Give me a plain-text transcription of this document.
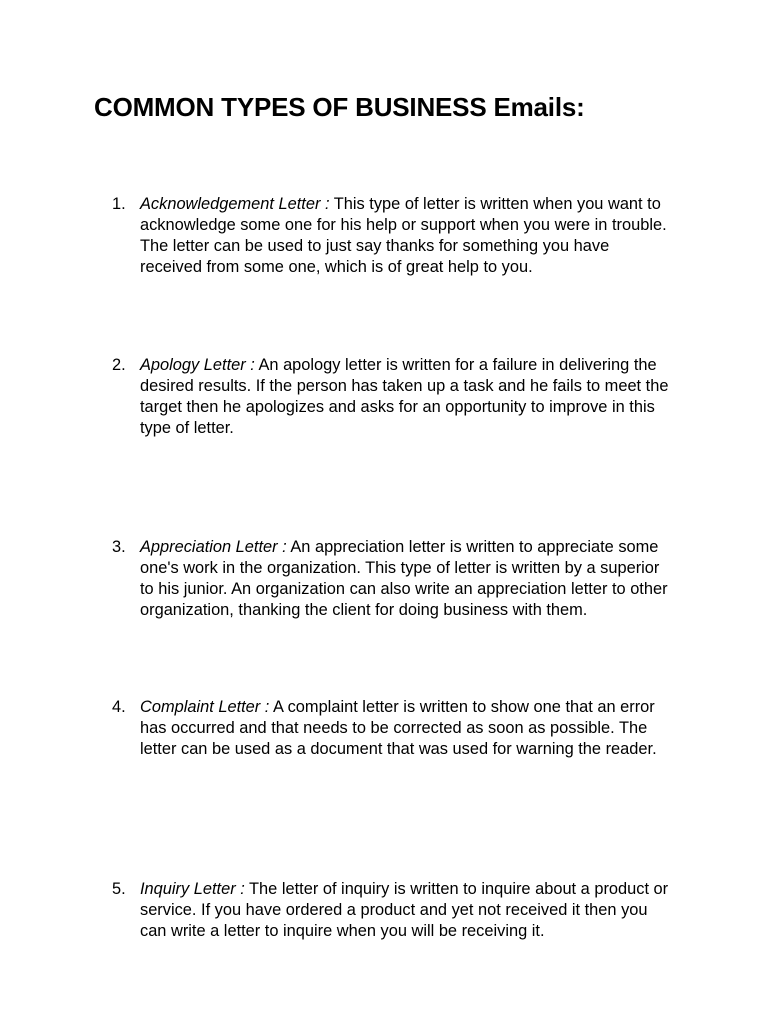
COMMON TYPES OF BUSINESS Emails:
1. Acknowledgement Letter : This type of letter is written when you want to acknowledge some one for his help or support when you were in trouble. The letter can be used to just say thanks for something you have received from some one, which is of great help to you.
2. Apology Letter : An apology letter is written for a failure in delivering the desired results. If the person has taken up a task and he fails to meet the target then he apologizes and asks for an opportunity to improve in this type of letter.
3. Appreciation Letter : An appreciation letter is written to appreciate some one's work in the organization. This type of letter is written by a superior to his junior. An organization can also write an appreciation letter to other organization, thanking the client for doing business with them.
4. Complaint Letter : A complaint letter is written to show one that an error has occurred and that needs to be corrected as soon as possible. The letter can be used as a document that was used for warning the reader.
5. Inquiry Letter : The letter of inquiry is written to inquire about a product or service. If you have ordered a product and yet not received it then you can write a letter to inquire when you will be receiving it.
